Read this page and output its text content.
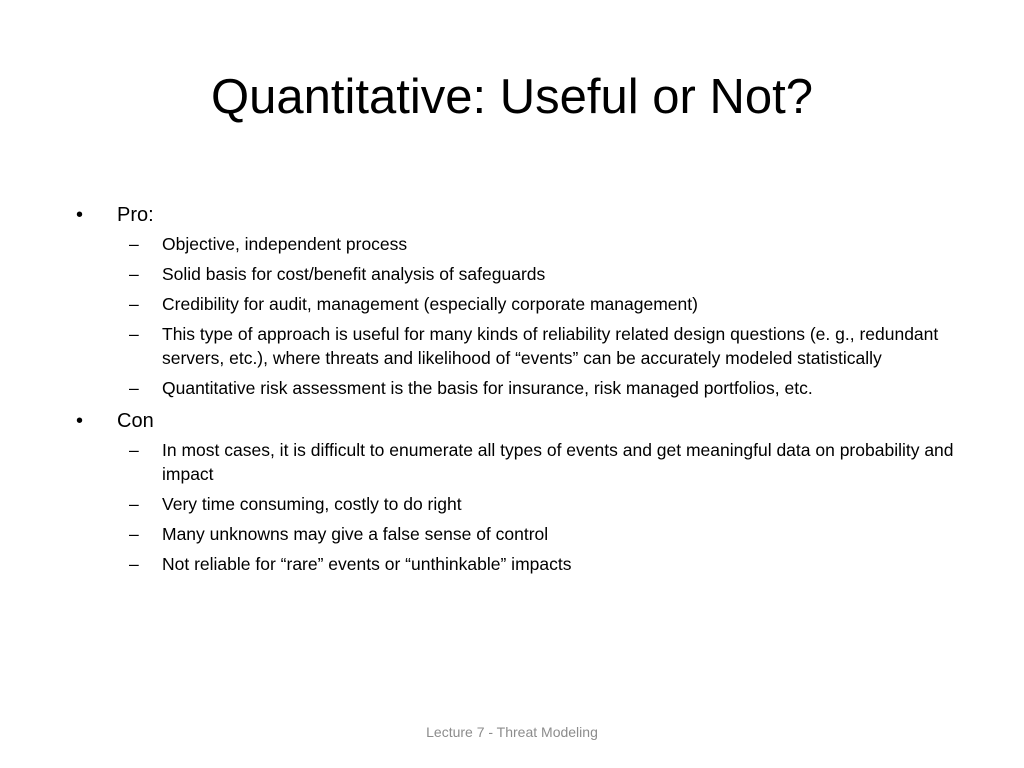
Quantitative: Useful or Not?
•	Pro:
–	Objective, independent process
–	Solid basis for cost/benefit analysis of safeguards
–	Credibility for audit, management (especially corporate management)
–	This type of approach is useful for many kinds of reliability related design questions (e. g., redundant servers, etc.), where threats and likelihood of “events” can be accurately modeled statistically
–	Quantitative risk assessment is the basis for insurance, risk managed portfolios, etc.
•	Con
–	In most cases, it is difficult to enumerate all types of events and get meaningful data on probability and impact
–	Very time consuming, costly to do right
–	Many unknowns may give a false sense of control
–	Not reliable for “rare” events or “unthinkable” impacts
Lecture 7 - Threat Modeling
